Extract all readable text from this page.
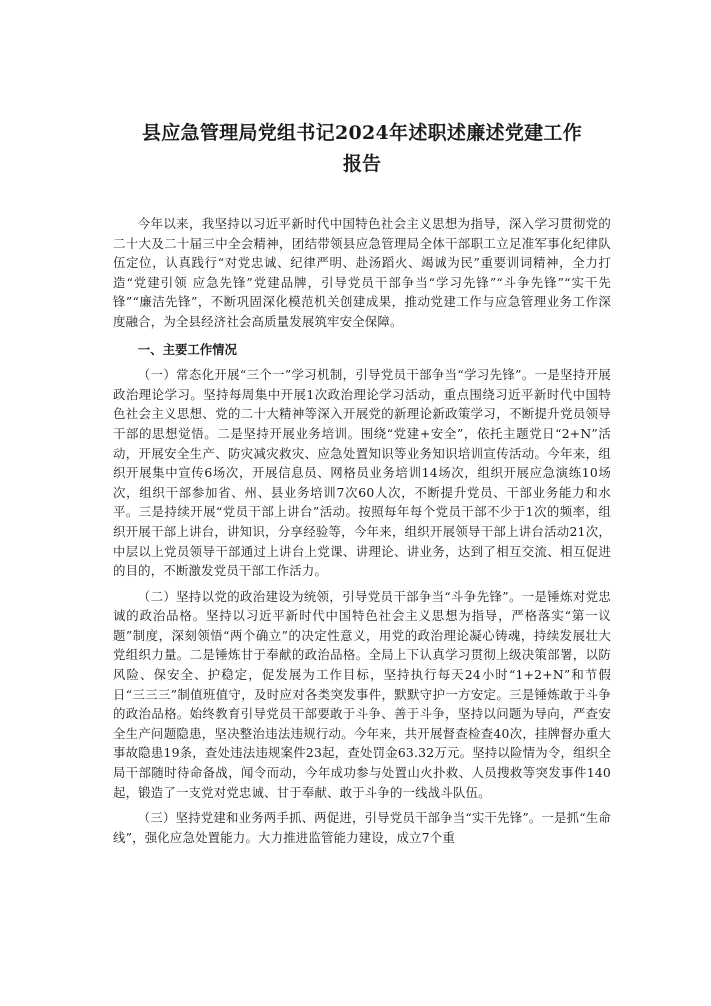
县应急管理局党组书记2024年述职述廉述党建工作
报告

今年以来，我坚持以习近平新时代中国特色社会主义思想为指导，深入学习贯彻党的二十大及二十届三中全会精神，团结带领县应急管理局全体干部职工立足准军事化纪律队伍定位，认真践行“对党忠诚、纪律严明、赴汤蹈火、竭诚为民”重要训词精神，全力打造“党建引领 应急先锋”党建品牌，引导党员干部争当“学习先锋”“斗争先锋”“实干先锋”“廉洁先锋”，不断巩固深化模范机关创建成果，推动党建工作与应急管理业务工作深度融合，为全县经济社会高质量发展筑牢安全保障。

一、主要工作情况

（一）常态化开展“三个一”学习机制，引导党员干部争当“学习先锋”。一是坚持开展政治理论学习。坚持每周集中开展1次政治理论学习活动，重点围绕习近平新时代中国特色社会主义思想、党的二十大精神等深入开展党的新理论新政策学习，不断提升党员领导干部的思想觉悟。二是坚持开展业务培训。围绕“党建+安全”，依托主题党日“2+N”活动，开展安全生产、防灾减灾救灾、应急处置知识等业务知识培训宣传活动。今年来，组织开展集中宣传6场次，开展信息员、网格员业务培训14场次，组织开展应急演练10场次，组织干部参加省、州、县业务培训7次60人次，不断提升党员、干部业务能力和水平。三是持续开展“党员干部上讲台”活动。按照每年每个党员干部不少于1次的频率，组织开展干部上讲台，讲知识，分享经验等，今年来，组织开展领导干部上讲台活动21次，中层以上党员领导干部通过上讲台上党课、讲理论、讲业务，达到了相互交流、相互促进的目的，不断激发党员干部工作活力。

（二）坚持以党的政治建设为统领，引导党员干部争当“斗争先锋”。一是锤炼对党忠诚的政治品格。坚持以习近平新时代中国特色社会主义思想为指导，严格落实“第一议题”制度，深刻领悟“两个确立”的决定性意义，用党的政治理论凝心铸魂，持续发展壮大党组织力量。二是锤炼甘于奉献的政治品格。全局上下认真学习贯彻上级决策部署，以防风险、保安全、护稳定，促发展为工作目标，坚持执行每天24小时“1+2+N”和节假日“三三三”制值班值守，及时应对各类突发事件，默默守护一方安定。三是锤炼敢于斗争的政治品格。始终教育引导党员干部要敢于斗争、善于斗争，坚持以问题为导向，严查安全生产问题隐患，坚决整治违法违规行动。今年来，共开展督查检查40次，挂牌督办重大事故隐患19条，查处违法违规案件23起，查处罚金63.32万元。坚持以险情为令，组织全局干部随时待命备战，闻令而动，今年成功参与处置山火扑救、人员搜救等突发事件140起，锻造了一支党对党忠诚、甘于奉献、敢于斗争的一线战斗队伍。

（三）坚持党建和业务两手抓、两促进，引导党员干部争当“实干先锋”。一是抓“生命线”，强化应急处置能力。大力推进监管能力建设，成立7个重
